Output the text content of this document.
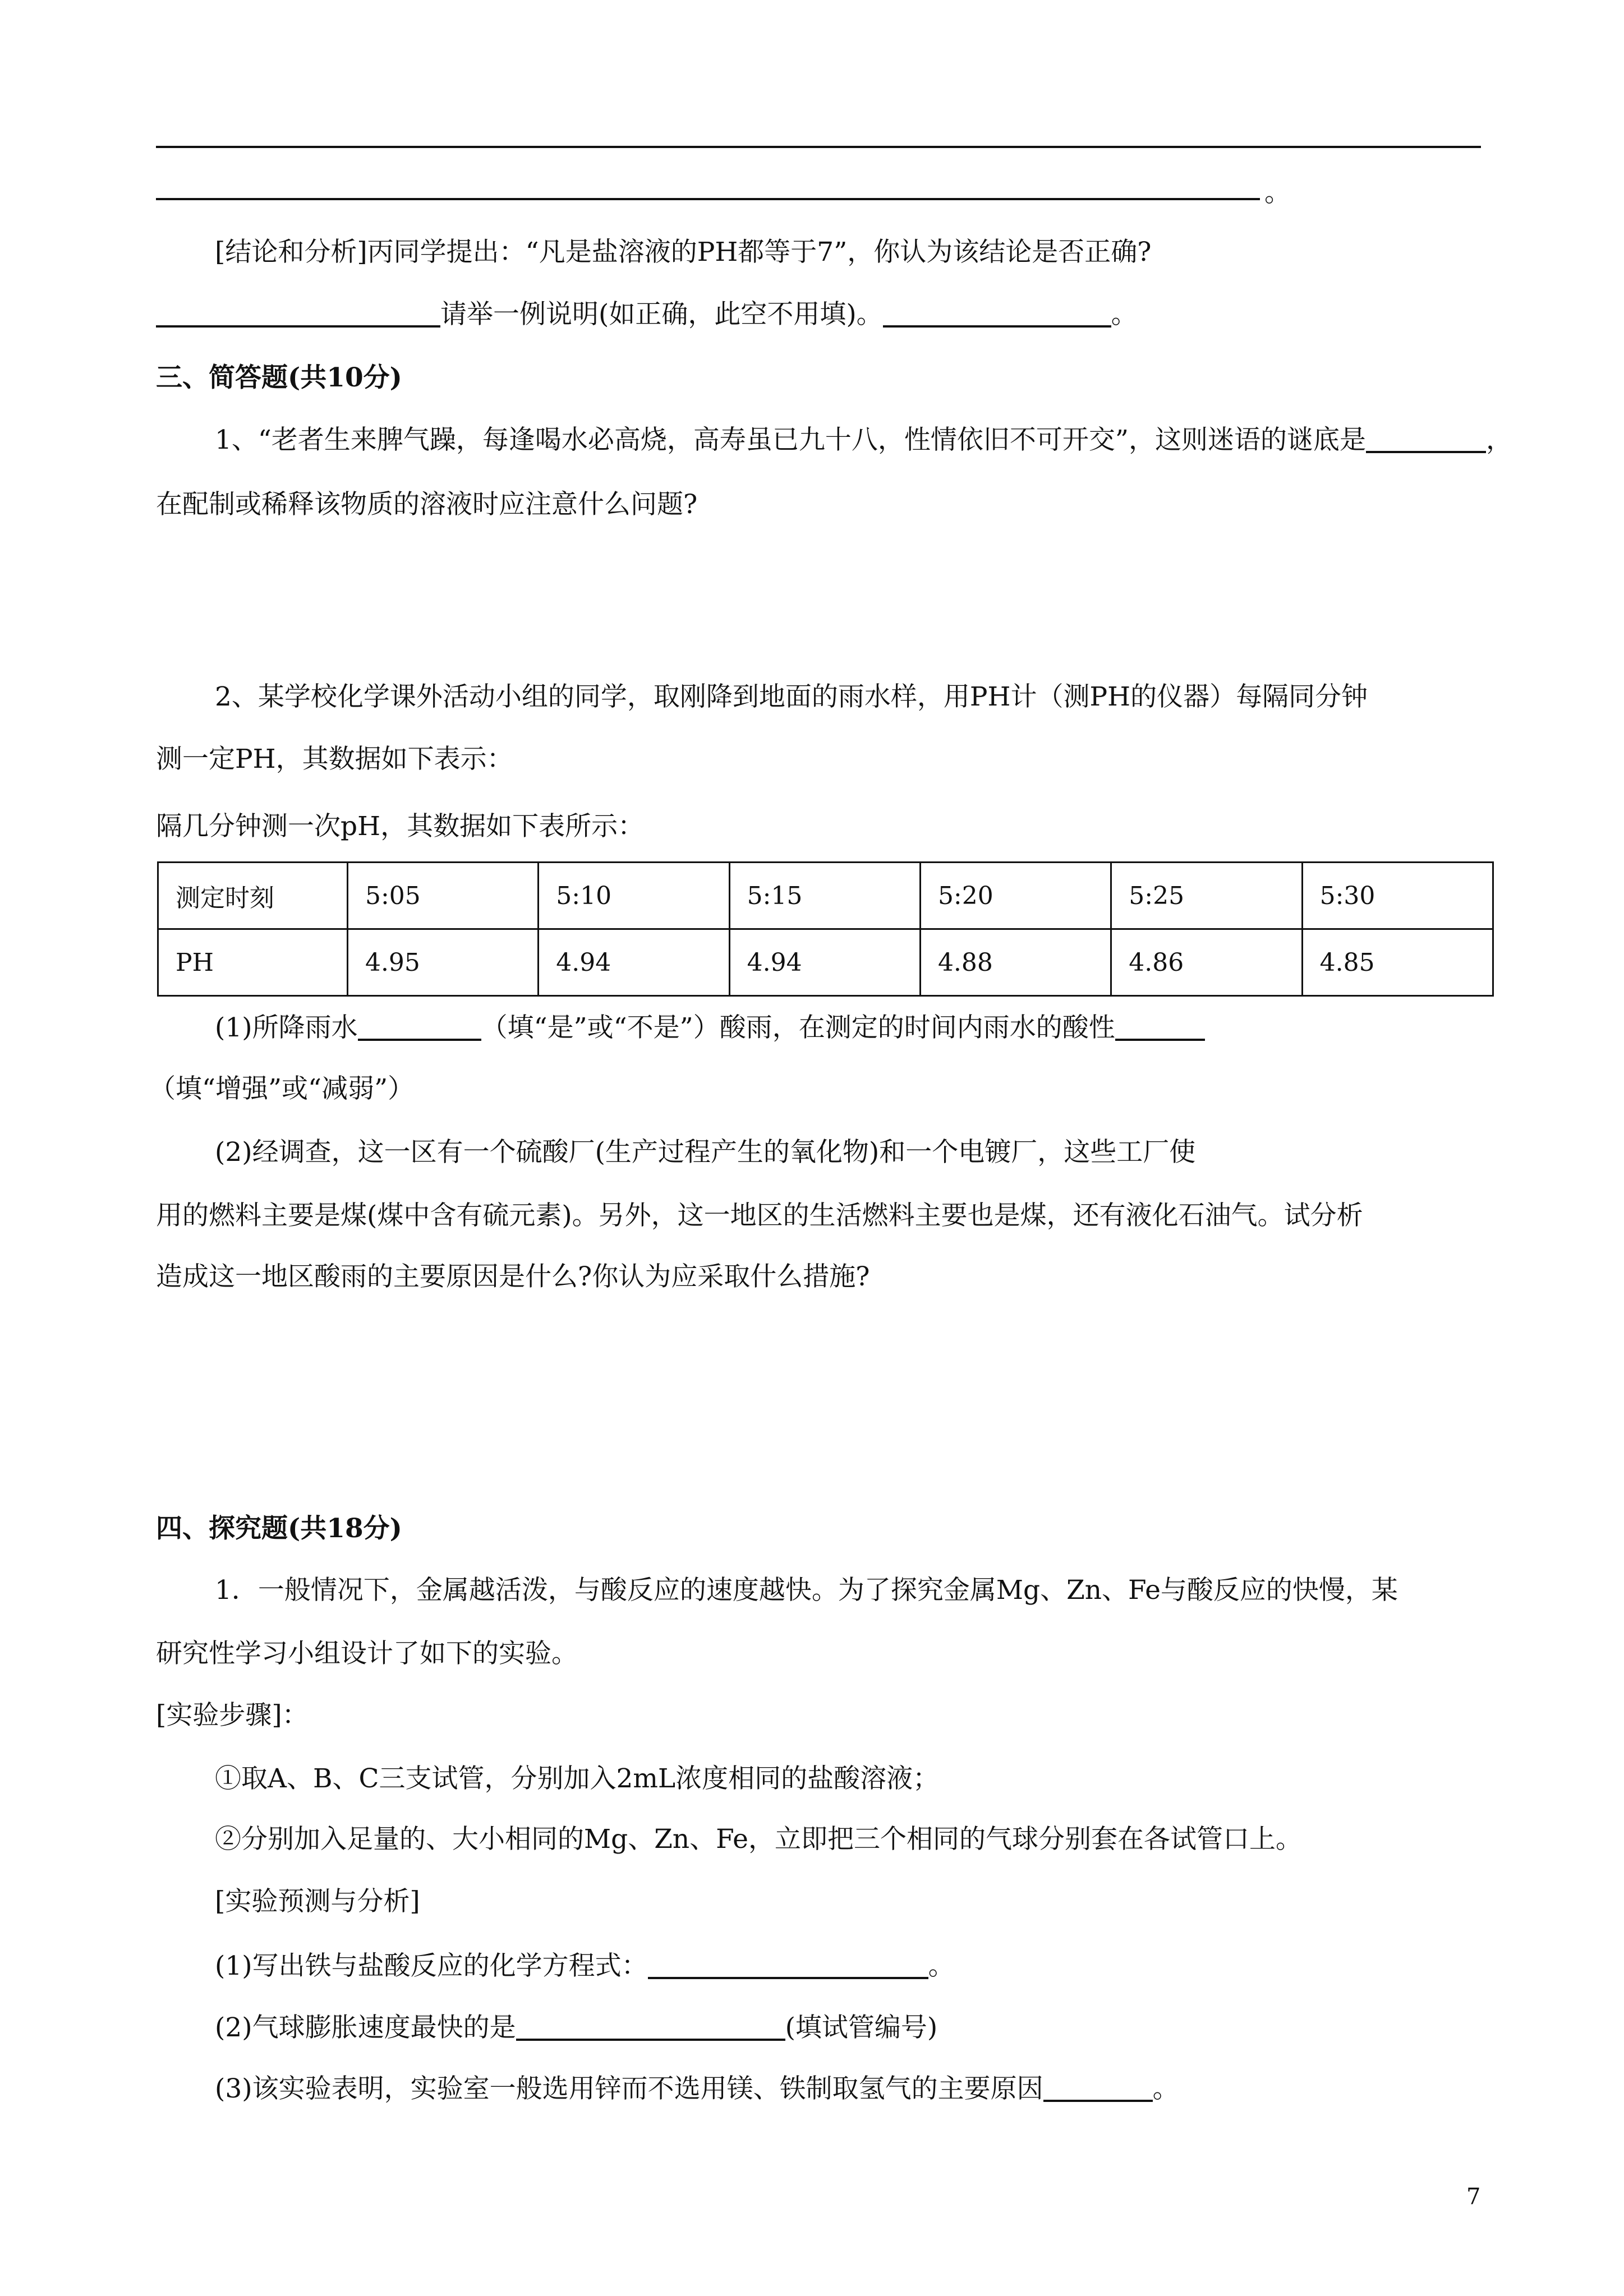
。
[结论和分析]丙同学提出：“凡是盐溶液的PH都等于7”，你认为该结论是否正确?
请举一例说明(如正确，此空不用填)。	。
三、简答题(共10分)
1、“老者生来脾气躁，每逢喝水必高烧，高寿虽已九十八，性情依旧不可开交”，这则迷语的谜底是	，
在配制或稀释该物质的溶液时应注意什么问题?
2、某学校化学课外活动小组的同学，取刚降到地面的雨水样，用PH计（测PH的仪器）每隔同分钟
测一定PH，其数据如下表示：
隔几分钟测一次pH，其数据如下表所示：
测定时刻	5:05	5:10	5:15	5:20	5:25	5:30
PH	4.95	4.94	4.94	4.88	4.86	4.85
(1)所降雨水	（填“是”或“不是”）酸雨，在测定的时间内雨水的酸性
（填“增强”或“减弱”）
(2)经调查，这一区有一个硫酸厂(生产过程产生的氧化物)和一个电镀厂，这些工厂使
用的燃料主要是煤(煤中含有硫元素)。另外，这一地区的生活燃料主要也是煤，还有液化石油气。试分析
造成这一地区酸雨的主要原因是什么?你认为应采取什么措施?
四、探究题(共18分)
1．一般情况下，金属越活泼，与酸反应的速度越快。为了探究金属Mg、Zn、Fe与酸反应的快慢，某
研究性学习小组设计了如下的实验。
[实验步骤]：
①取A、B、C三支试管，分别加入2mL浓度相同的盐酸溶液；
②分别加入足量的、大小相同的Mg、Zn、Fe，立即把三个相同的气球分别套在各试管口上。
[实验预测与分析]
(1)写出铁与盐酸反应的化学方程式：	。
(2)气球膨胀速度最快的是	(填试管编号)
(3)该实验表明，实验室一般选用锌而不选用镁、铁制取氢气的主要原因	。
7
